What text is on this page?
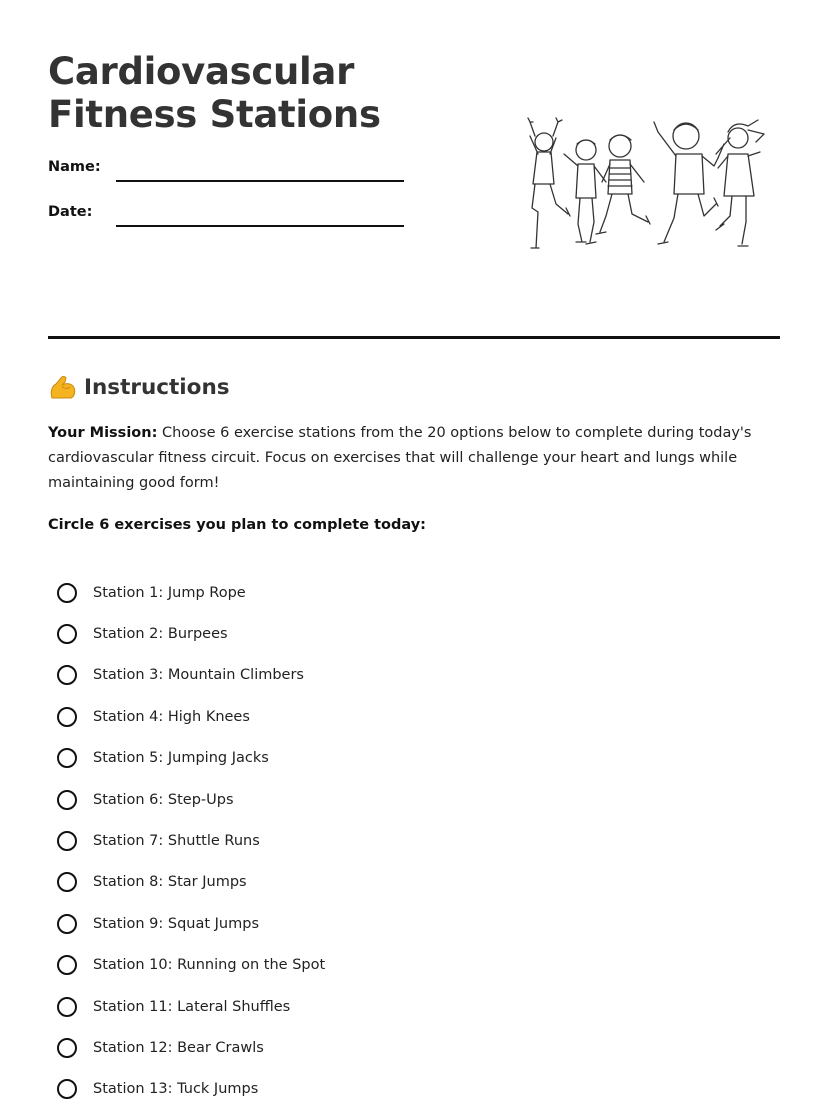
Cardiovascular Fitness Stations
Name:
Date:
Instructions

Your Mission: Choose 6 exercise stations from the 20 options below to complete during today's cardiovascular fitness circuit. Focus on exercises that will challenge your heart and lungs while maintaining good form!

Circle 6 exercises you plan to complete today:

Station 1: Jump Rope
Station 2: Burpees
Station 3: Mountain Climbers
Station 4: High Knees
Station 5: Jumping Jacks
Station 6: Step-Ups
Station 7: Shuttle Runs
Station 8: Star Jumps
Station 9: Squat Jumps
Station 10: Running on the Spot
Station 11: Lateral Shuffles
Station 12: Bear Crawls
Station 13: Tuck Jumps
